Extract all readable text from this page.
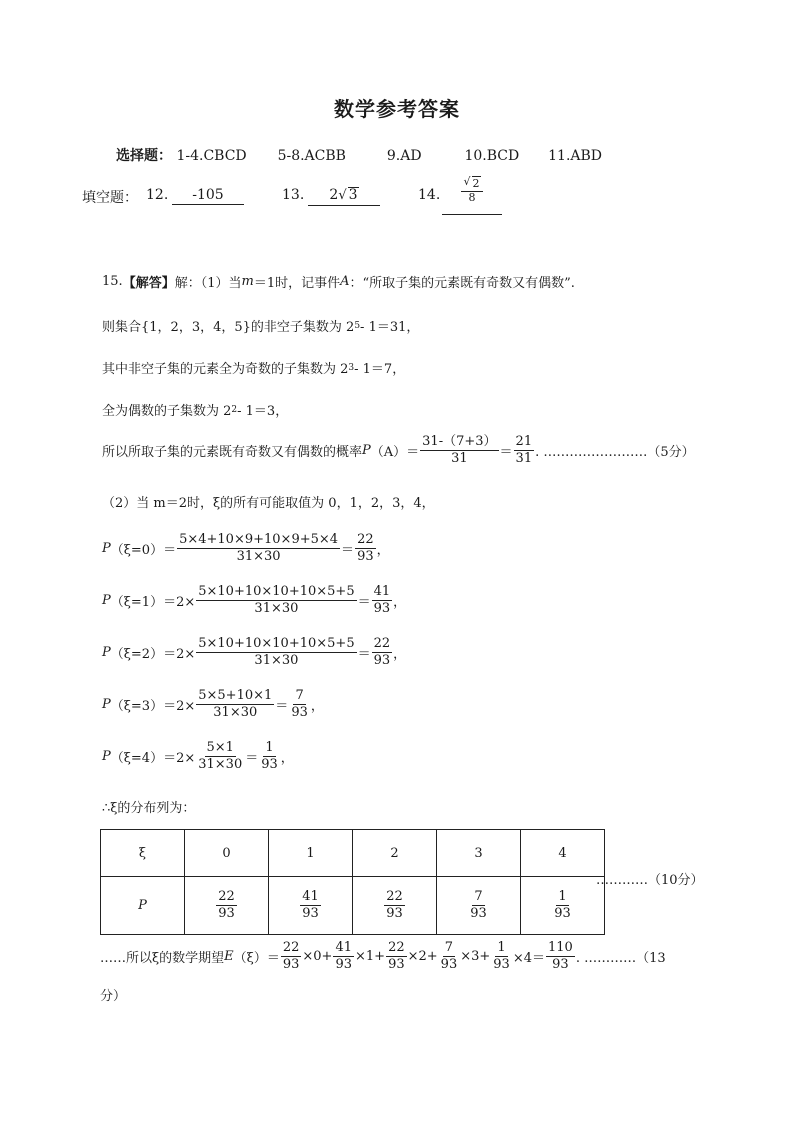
数学参考答案
选择题： 1-4.CBCD 5-8.ACBB	9.AD	10.BCD 11.ABD
填空题： 12.	-105	13.	2 √ 3	14. $\frac{√ 2}{8}$
15. 【解答】 解：（1）当 m ＝1时，记事件 A ：“所取子集的元素既有奇数又有偶数”.
则集合{1，2，3，4，5}的非空子集数为 2 5 - 1＝31，
其中非空子集的元素全为奇数的子集数为 2 3 - 1＝7，
全为偶数的子集数为 2 2 - 1＝3，
所以所取子集的元素既有奇数又有偶数的概率 P $(A)= \frac{31-(7+3)}{31} = \frac{21}{31}$ . ……………………（5分）
（2）当 m＝2时，ξ的所有可能取值为 0，1，2，3，4，
P $(\xi=0)= \frac{5\times 4+10\times 9+10\times 9+5\times 4}{31\times 30} = \frac{22}{93}$ ，
P $(\xi=1)=2\times \frac{5\times 10+10\times 10+10\times 5+5}{31\times 30} = \frac{41}{93}$ ，
P $(\xi=2)=2\times \frac{5\times 10+10\times 10+10\times 5+5}{31\times 30} = \frac{22}{93}$ ，
P $(\xi=3)=2\times \frac{5\times 5+10\times 1}{31\times 30} = \frac{7}{93}$ ，
P $(\xi=4)=2\times \frac{5\times 1}{31\times 30} = \frac{1}{93}$ ，
∴ξ的分布列为：
ξ	0	1	2	3	4
P	$\frac{22}{93}$	$\frac{41}{93}$	$\frac{22}{93}$	$\frac{7}{93}$	$\frac{1}{93}$
…………（10分）
……所以ξ的数学期望 E $(\xi)= \frac{22}{93} \times 0+ \frac{41}{93} \times 1+ \frac{22}{93} \times 2+ \frac{7}{93} \times 3+ \frac{1}{93} \times 4= \frac{110}{93}$ . …………（13
分）
